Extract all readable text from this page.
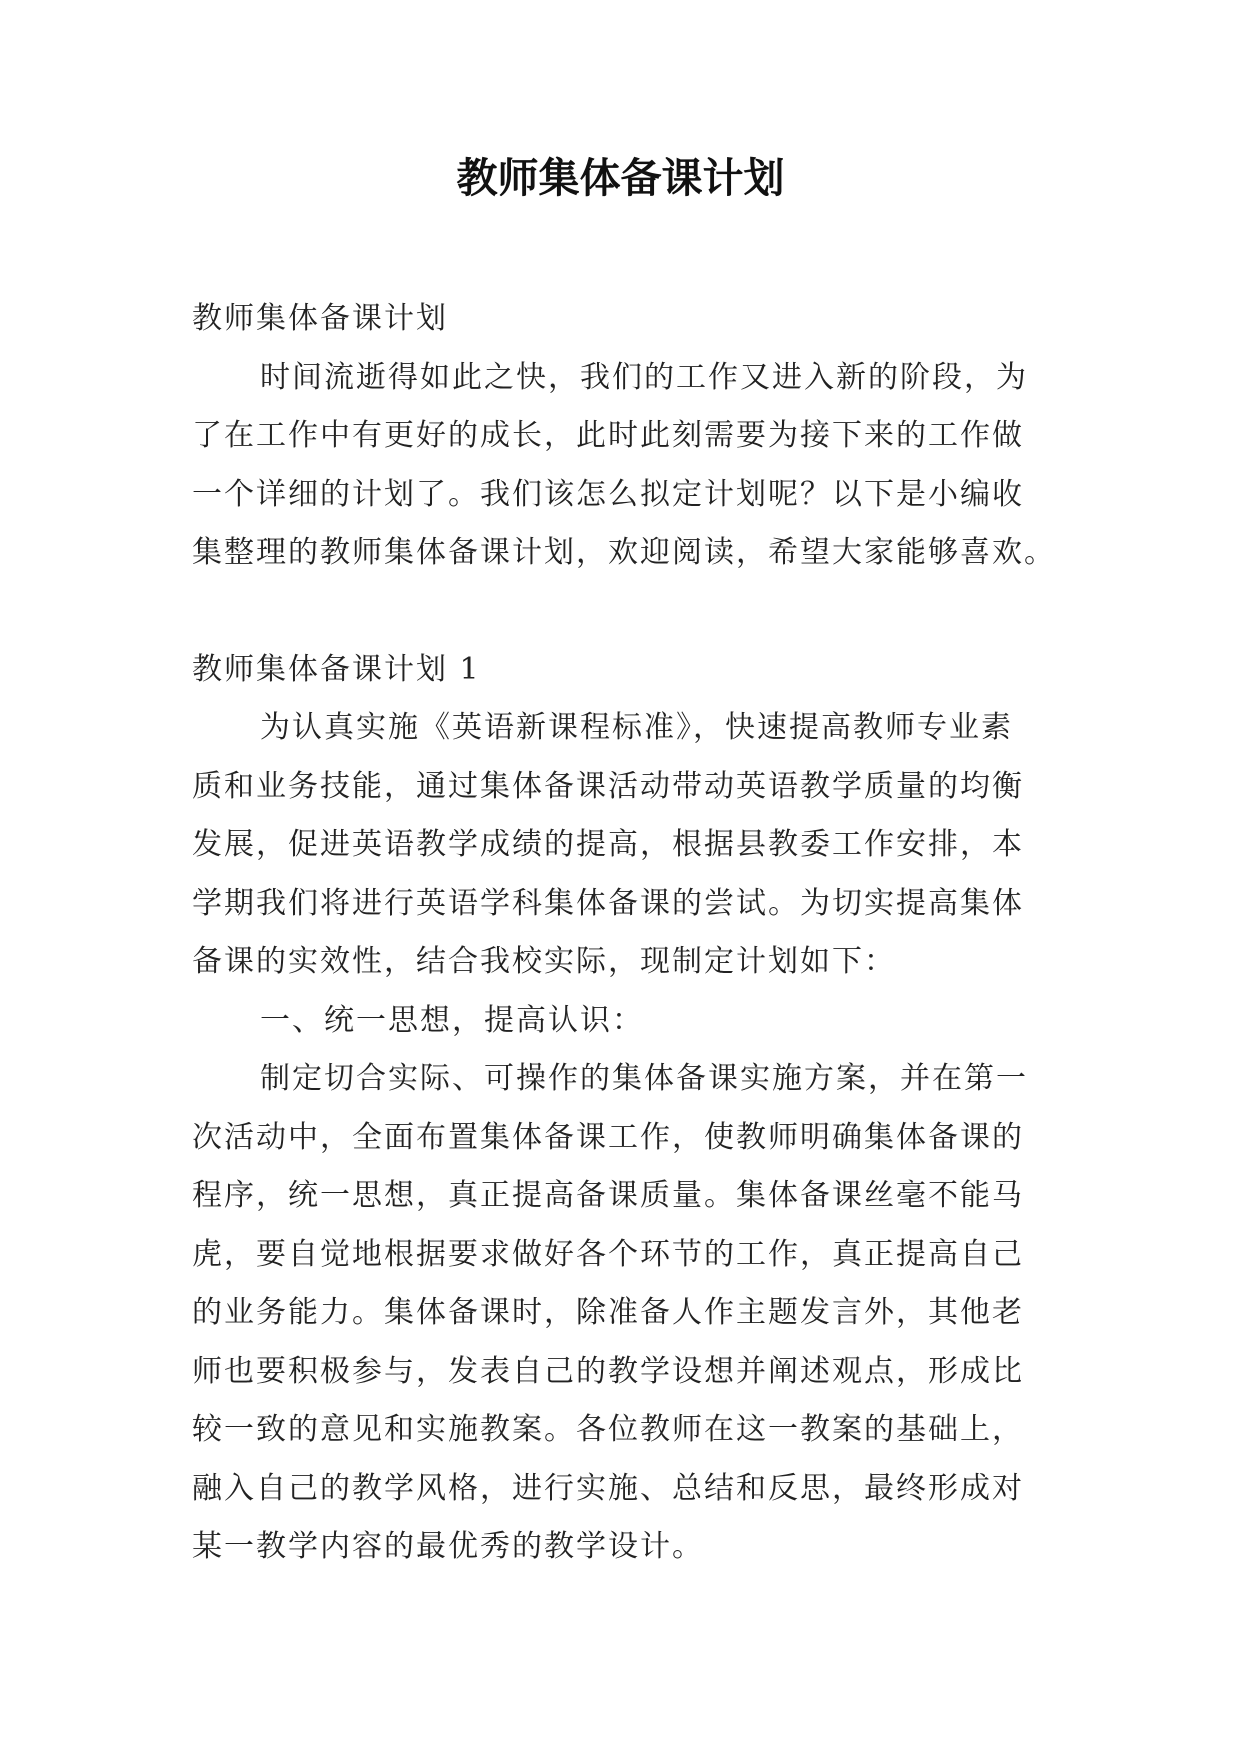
教师集体备课计划
教师集体备课计划
时间流逝得如此之快，我们的工作又进入新的阶段，为
了在工作中有更好的成长，此时此刻需要为接下来的工作做
一个详细的计划了。我们该怎么拟定计划呢？以下是小编收
集整理的教师集体备课计划，欢迎阅读，希望大家能够喜欢。
教师集体备课计划 1
为认真实施《英语新课程标准》，快速提高教师专业素
质和业务技能，通过集体备课活动带动英语教学质量的均衡
发展，促进英语教学成绩的提高，根据县教委工作安排，本
学期我们将进行英语学科集体备课的尝试。为切实提高集体
备课的实效性，结合我校实际，现制定计划如下：
一、统一思想，提高认识：
制定切合实际、可操作的集体备课实施方案，并在第一
次活动中，全面布置集体备课工作，使教师明确集体备课的
程序，统一思想，真正提高备课质量。集体备课丝毫不能马
虎，要自觉地根据要求做好各个环节的工作，真正提高自己
的业务能力。集体备课时，除准备人作主题发言外，其他老
师也要积极参与，发表自己的教学设想并阐述观点，形成比
较一致的意见和实施教案。各位教师在这一教案的基础上，
融入自己的教学风格，进行实施、总结和反思，最终形成对
某一教学内容的最优秀的教学设计。
